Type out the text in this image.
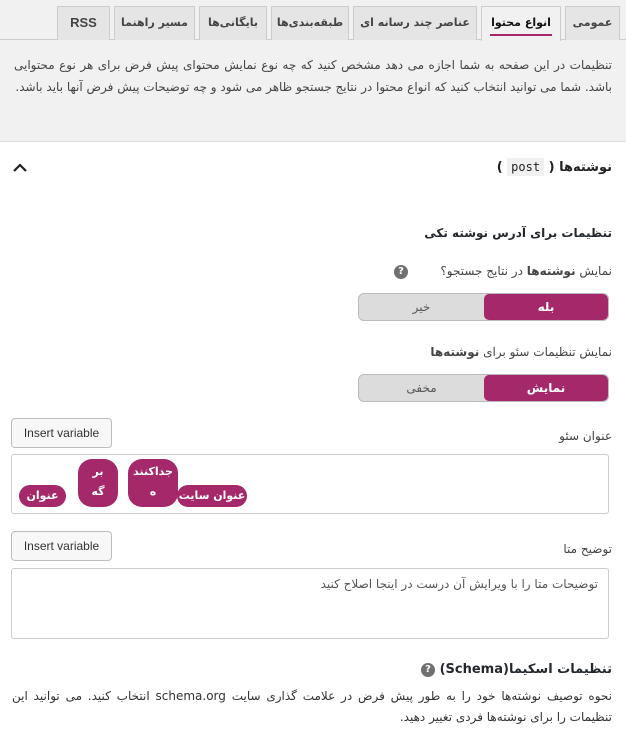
عمومی
انواع محتوا
عناصر چند رسانه ای
طبقه‌بندی‌ها
بایگانی‌ها
مسیر راهنما
RSS
تنظیمات در این صفحه به شما اجازه می دهد مشخص کنید که چه نوع نمایش محتوای پیش فرض برای هر نوع محتوایی باشد. شما می توانید انتخاب کنید که انواع محتوا در نتایج جستجو ظاهر می شود و چه توضیحات پیش فرض آنها باید باشد.
نوشته‌ها ( post )
تنظیمات برای آدرس نوشته تکی
نمایش نوشته‌ها در نتایج جستجو؟
?
بله
خیر
نمایش تنظیمات سئو برای نوشته‌ها
نمایش
مخفی
عنوان سئو
Insert variable
عنوان سایت
جداکنند
ه
بر
گه
عنوان
توضیح متا
Insert variable
توضیحات متا را با ویرایش آن درست در اینجا اصلاح کنید
تنظیمات اسکیما(Schema)
?
نحوه توصیف نوشته‌ها خود را به طور پیش فرض در علامت گذاری سایت schema.org انتخاب کنید. می توانید این تنظیمات را برای نوشته‌ها فردی تغییر دهید.
